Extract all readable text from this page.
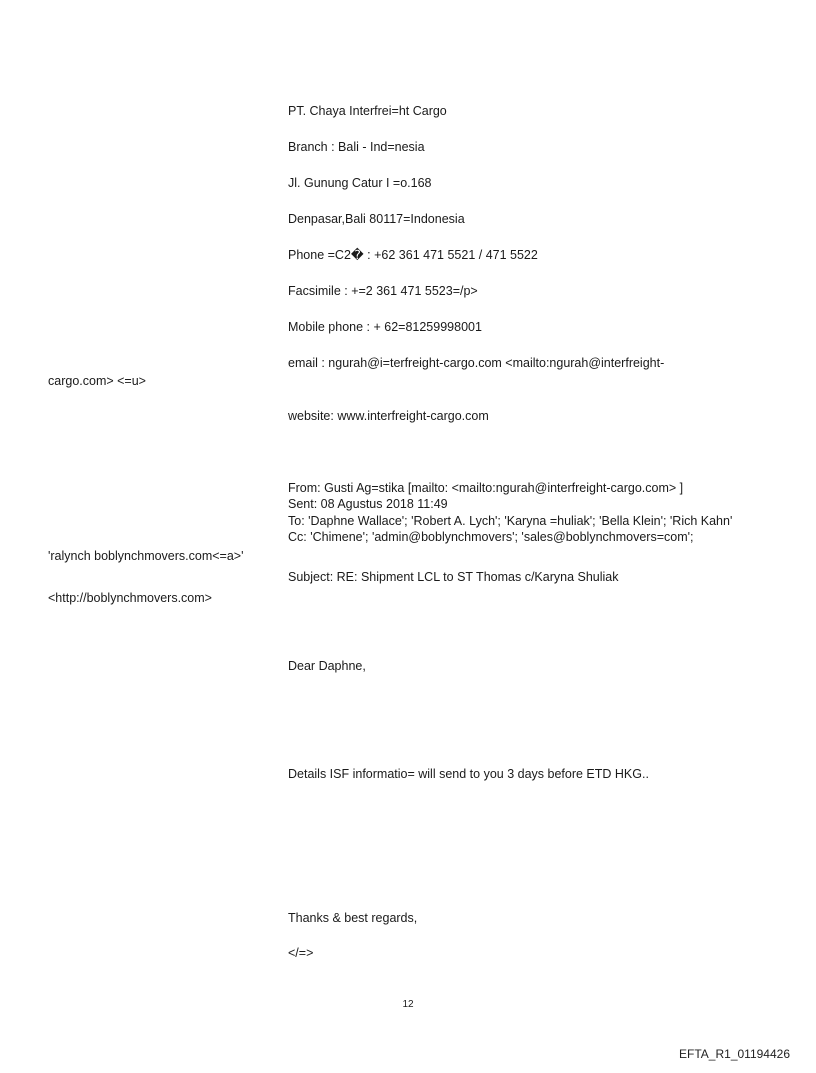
PT. Chaya Interfrei=ht Cargo
Branch : Bali - Ind=nesia
Jl. Gunung Catur I =o.168
Denpasar,Bali 80117=Indonesia
Phone =C2� : +62 361 471 5521 / 471 5522
Facsimile : +=2 361 471 5523=/p>
Mobile phone : + 62=81259998001
email : ngurah@i=terfreight-cargo.com <mailto:ngurah@interfreight-
cargo.com> <=u>
website: www.interfreight-cargo.com
From: Gusti Ag=stika [mailto: <mailto:ngurah@interfreight-cargo.com> ]
Sent: 08 Agustus 2018 11:49
To: 'Daphne Wallace'; 'Robert A. Lych'; 'Karyna =huliak'; 'Bella Klein'; 'Rich Kahn'
Cc: 'Chimene'; 'admin@boblynchmovers'; 'sales@boblynchmovers=com';
'ralynch boblynchmovers.com<=a>'
Subject: RE: Shipment LCL to ST Thomas c/Karyna Shuliak
<http://boblynchmovers.com>
Dear Daphne,
Details ISF informatio= will send to you 3 days before ETD HKG..
Thanks & best regards,
</=>
12
EFTA_R1_01194426
